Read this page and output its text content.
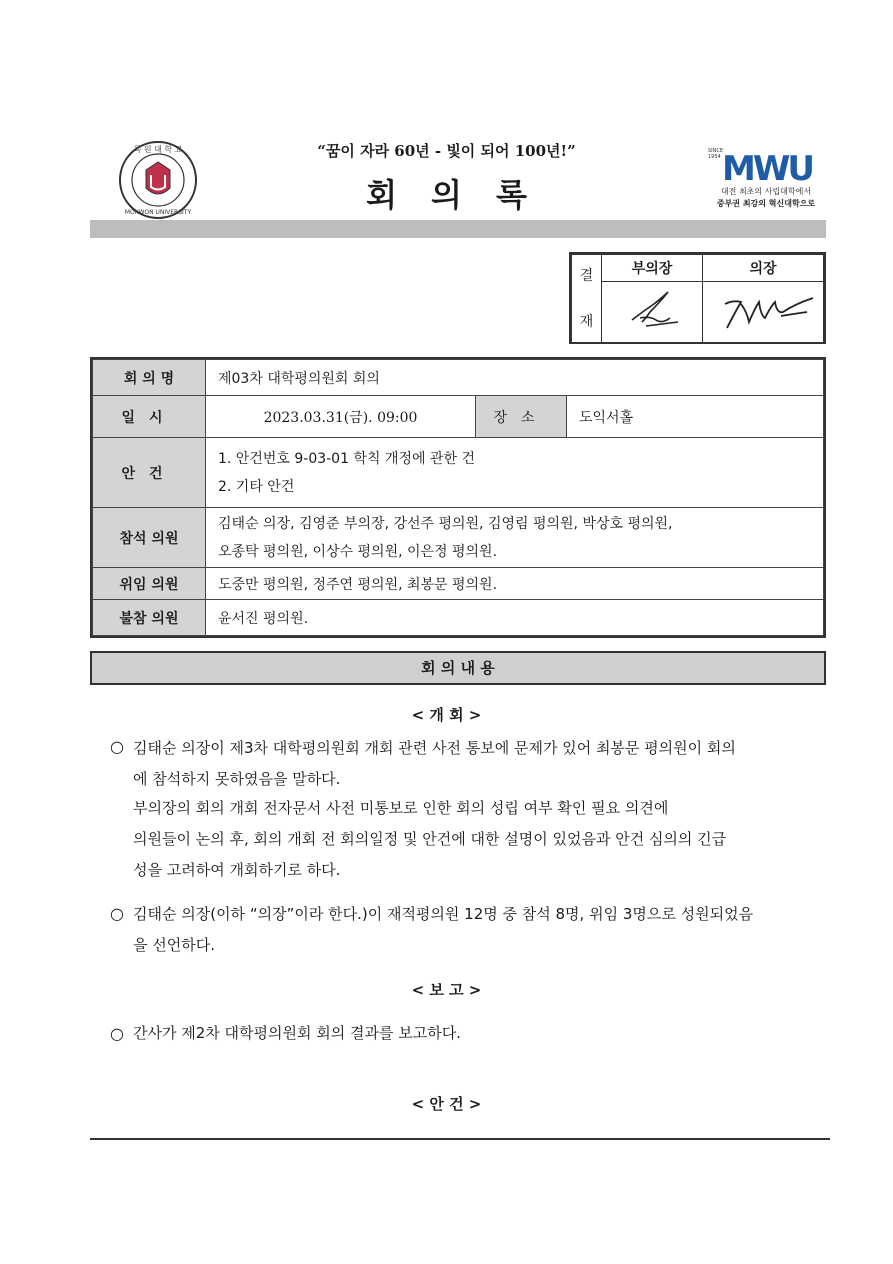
목 원 대 학 교
MOKWON UNIVERSITY
SINCE
1954 MWU
대전 최초의 사립대학에서
중부권 최강의 혁신대학으로
“꿈이 자라 60년 - 빛이 되어 100년!”
회의록
결
재	부의장	의장

회 의 명	제03차 대학평의원회 회의		
일시	2023.03.31(금). 09:00	장소	도익서홀
안건	1. 안건번호 9-03-01 학칙 개정에 관한 건
2. 기타 안건		

참석 의원	김태순 의장, 김영준 부의장, 강선주 평의원, 김영림 평의원, 박상호 평의원,
오종탁 평의원, 이상수 평의원, 이은정 평의원.		

위임 의원	도중만 평의원, 정주연 평의원, 최봉문 평의원.		
불참 의원	윤서진 평의원.		
회 의 내 용
< 개 회 >
○ 김태순 의장이 제3차 대학평의원회 개회 관련 사전 통보에 문제가 있어 최봉문 평의원이 회의
에 참석하지 못하였음을 말하다.
부의장의 회의 개회 전자문서 사전 미통보로 인한 회의 성립 여부 확인 필요 의견에
의원들이 논의 후, 회의 개회 전 회의일정 및 안건에 대한 설명이 있었음과 안건 심의의 긴급
성을 고려하여 개회하기로 하다.
○ 김태순 의장(이하 “의장”이라 한다.)이 재적평의원 12명 중 참석 8명, 위임 3명으로 성원되었음
을 선언하다.
< 보 고 >
○ 간사가 제2차 대학평의원회 회의 결과를 보고하다.
< 안 건 >
